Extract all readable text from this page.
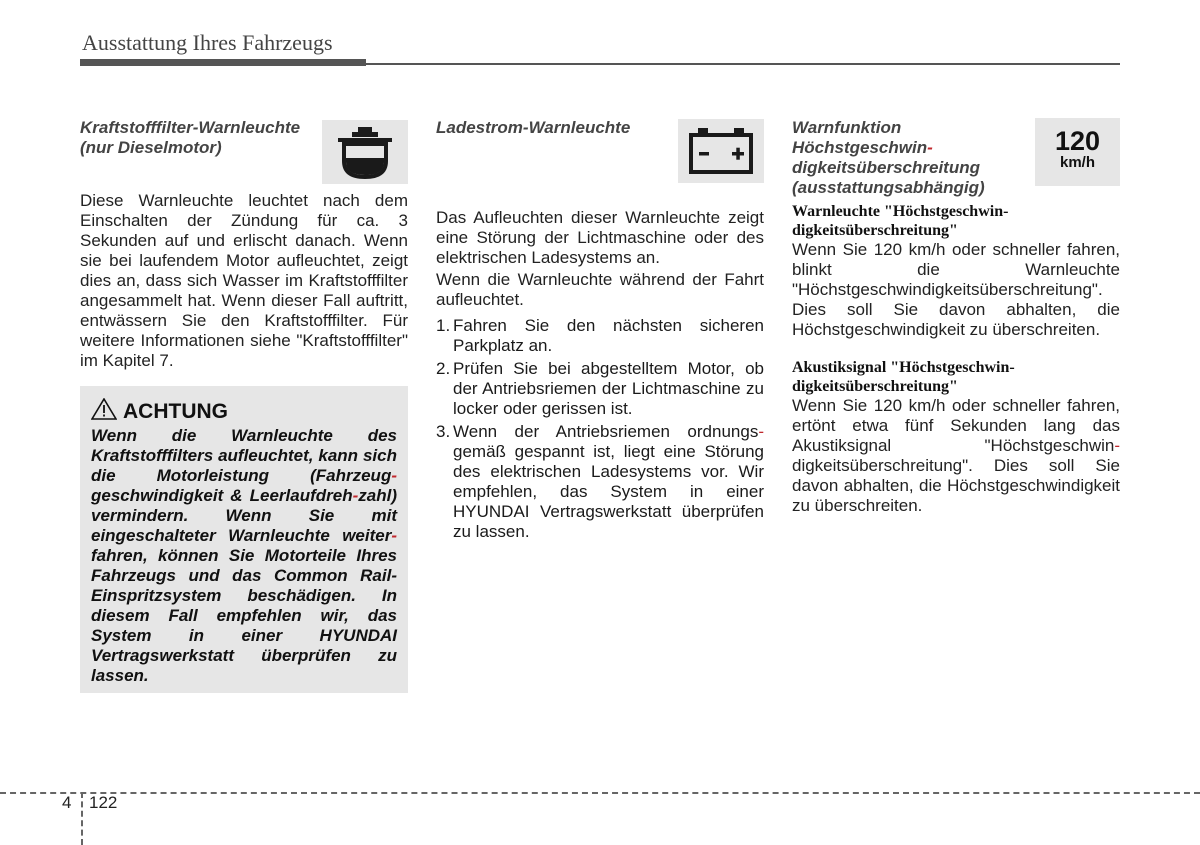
Ausstattung Ihres Fahrzeugs
Kraftstofffilter-Warnleuchte
(nur Dieselmotor)

Diese Warnleuchte leuchtet nach dem Einschalten der Zündung für ca. 3 Sekunden auf und erlischt danach. Wenn sie bei laufendem Motor aufleuchtet, zeigt dies an, dass sich Wasser im Kraftstofffilter angesammelt hat. Wenn dieser Fall auftritt, entwässern Sie den Kraftstofffilter. Für weitere Informationen siehe "Kraftstofffilter" im Kapitel 7.

ACHTUNG

Wenn die Warnleuchte des Kraftstofffilters aufleuchtet, kann sich die Motorleistung (Fahrzeug-geschwindigkeit & Leerlaufdreh-zahl) vermindern. Wenn Sie mit eingeschalteter Warnleuchte weiter-fahren, können Sie Motorteile Ihres Fahrzeugs und das Common Rail-Einspritzsystem beschädigen. In diesem Fall empfehlen wir, das System in einer HYUNDAI Vertragswerkstatt überprüfen zu lassen.

Ladestrom-Warnleuchte

Das Aufleuchten dieser Warnleuchte zeigt eine Störung der Lichtmaschine oder des elektrischen Ladesystems an.

Wenn die Warnleuchte während der Fahrt aufleuchtet.

1. Fahren Sie den nächsten sicheren Parkplatz an.
2. Prüfen Sie bei abgestelltem Motor, ob der Antriebsriemen der Lichtmaschine zu locker oder gerissen ist.
3. Wenn der Antriebsriemen ordnungs-gemäß gespannt ist, liegt eine Störung des elektrischen Ladesystems vor. Wir empfehlen, das System in einer HYUNDAI Vertragswerkstatt überprüfen zu lassen.
Warnfunktion
Höchstgeschwin-
digkeitsüberschreitung
(ausstattungsabhängig)
Warnleuchte "Höchstgeschwin-
digkeitsüberschreitung"

Wenn Sie 120 km/h oder schneller fahren, blinkt die Warnleuchte "Höchstgeschwindigkeitsüberschreitung". Dies soll Sie davon abhalten, die Höchstgeschwindigkeit zu überschreiten.

Akustiksignal "Höchstgeschwin-
digkeitsüberschreitung"

Wenn Sie 120 km/h oder schneller fahren, ertönt etwa fünf Sekunden lang das Akustiksignal "Höchstgeschwin-digkeitsüberschreitung". Dies soll Sie davon abhalten, die Höchstgeschwindigkeit zu überschreiten.

120
km/h
4 122
